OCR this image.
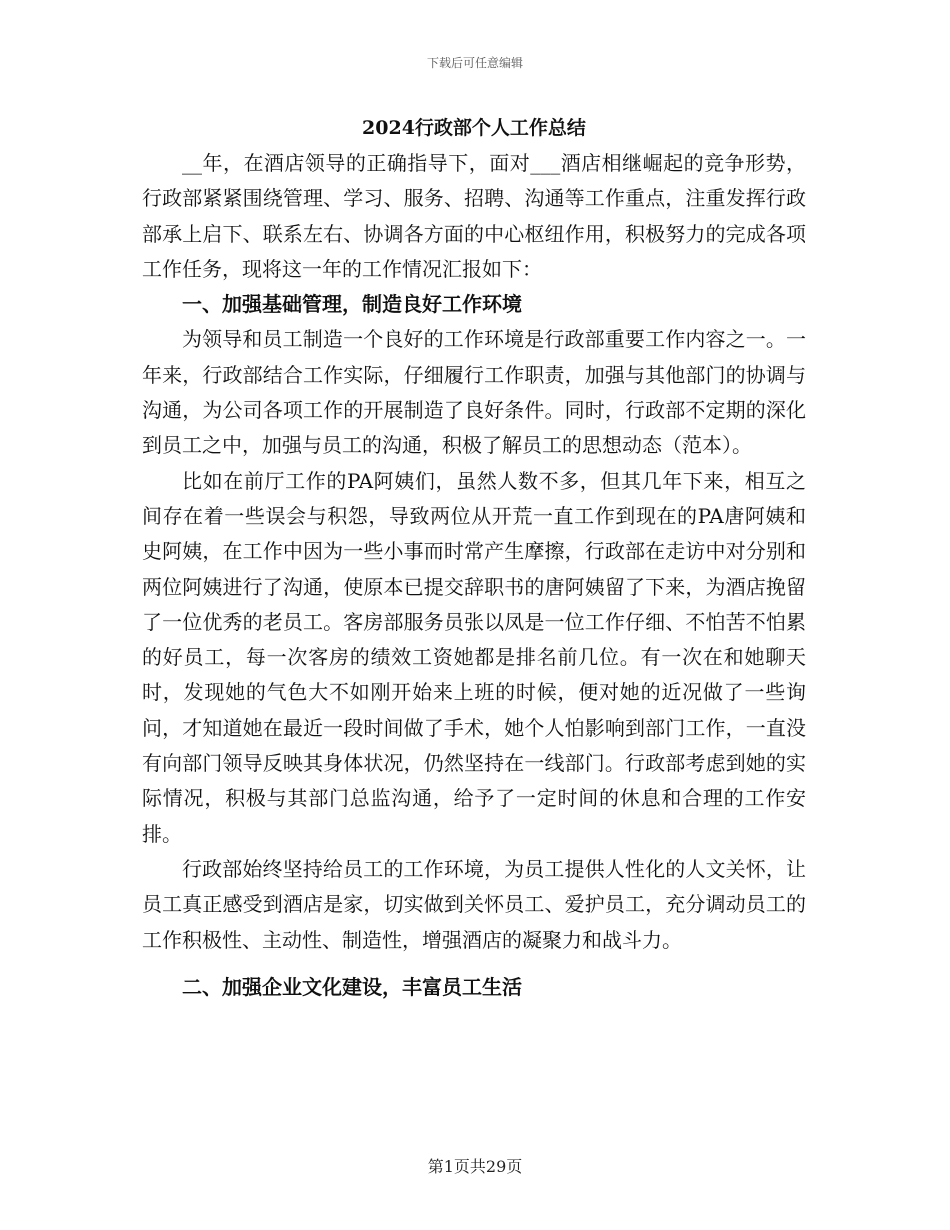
下载后可任意编辑
2024行政部个人工作总结

__年，在酒店领导的正确指导下，面对___酒店相继崛起的竞争形势，行政部紧紧围绕管理、学习、服务、招聘、沟通等工作重点，注重发挥行政部承上启下、联系左右、协调各方面的中心枢纽作用，积极努力的完成各项工作任务，现将这一年的工作情况汇报如下：

一、加强基础管理，制造良好工作环境

为领导和员工制造一个良好的工作环境是行政部重要工作内容之一。一年来，行政部结合工作实际，仔细履行工作职责，加强与其他部门的协调与沟通，为公司各项工作的开展制造了良好条件。同时，行政部不定期的深化到员工之中，加强与员工的沟通，积极了解员工的思想动态（范本）。

比如在前厅工作的PA阿姨们，虽然人数不多，但其几年下来，相互之间存在着一些误会与积怨，导致两位从开荒一直工作到现在的PA唐阿姨和史阿姨，在工作中因为一些小事而时常产生摩擦，行政部在走访中对分别和两位阿姨进行了沟通，使原本已提交辞职书的唐阿姨留了下来，为酒店挽留了一位优秀的老员工。客房部服务员张以凤是一位工作仔细、不怕苦不怕累的好员工，每一次客房的绩效工资她都是排名前几位。有一次在和她聊天时，发现她的气色大不如刚开始来上班的时候，便对她的近况做了一些询问，才知道她在最近一段时间做了手术，她个人怕影响到部门工作，一直没有向部门领导反映其身体状况，仍然坚持在一线部门。行政部考虑到她的实际情况，积极与其部门总监沟通，给予了一定时间的休息和合理的工作安排。

行政部始终坚持给员工的工作环境，为员工提供人性化的人文关怀，让员工真正感受到酒店是家，切实做到关怀员工、爱护员工，充分调动员工的工作积极性、主动性、制造性，增强酒店的凝聚力和战斗力。

二、加强企业文化建设，丰富员工生活

第1页共29页
